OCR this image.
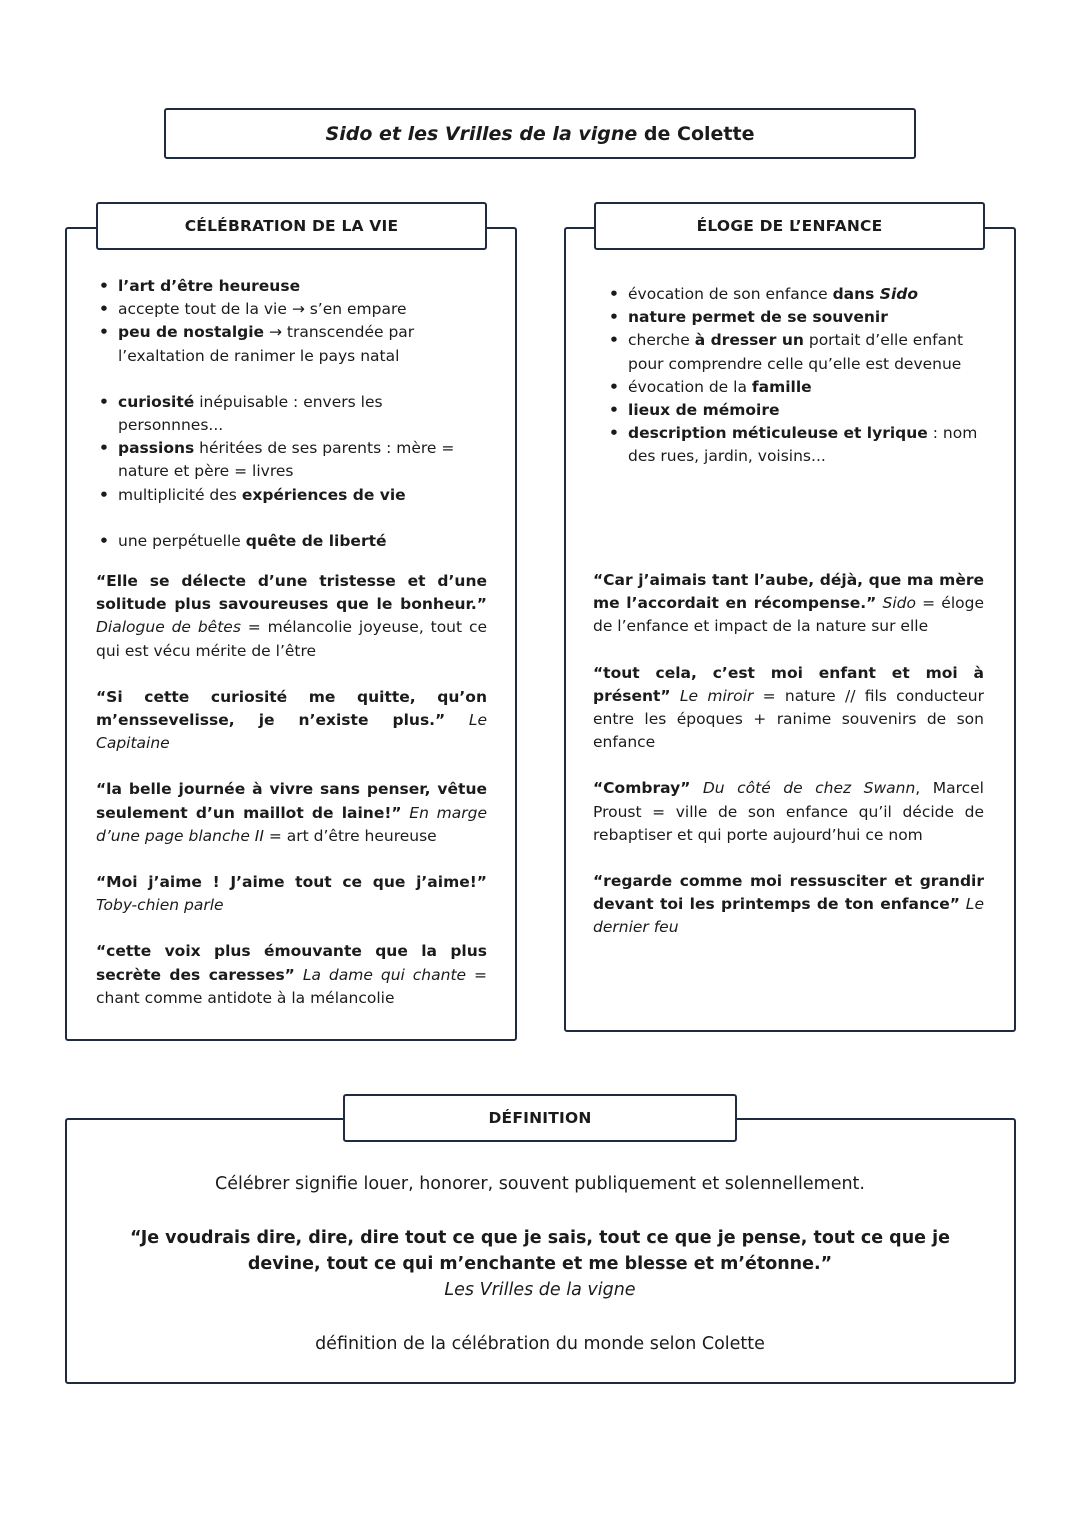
Sido et les Vrilles de la vigne de Colette
CÉLÉBRATION DE LA VIE
• l’art d’être heureuse
• accepte tout de la vie → s’en empare
• peu de nostalgie → transcendée par l’exaltation de ranimer le pays natal
• curiosité inépuisable : envers les personnnes...
• passions héritées de ses parents : mère = nature et père = livres
• multiplicité des expériences de vie
• une perpétuelle quête de liberté

“Elle se délecte d’une tristesse et d’une solitude plus savoureuses que le bonheur.” Dialogue de bêtes = mélancolie joyeuse, tout ce qui est vécu mérite de l’être

“Si cette curiosité me quitte, qu’on m’enssevelisse, je n’existe plus.” Le Capitaine

“la belle journée à vivre sans penser, vêtue seulement d’un maillot de laine!” En marge d’une page blanche II = art d’être heureuse

“Moi j’aime ! J’aime tout ce que j’aime!” Toby-chien parle

“cette voix plus émouvante que la plus secrète des caresses” La dame qui chante = chant comme antidote à la mélancolie

ÉLOGE DE L’ENFANCE
• évocation de son enfance dans Sido
• nature permet de se souvenir
• cherche à dresser un portait d’elle enfant pour comprendre celle qu’elle est devenue
• évocation de la famille
• lieux de mémoire
• description méticuleuse et lyrique : nom des rues, jardin, voisins...

“Car j’aimais tant l’aube, déjà, que ma mère me l’accordait en récompense.” Sido = éloge de l’enfance et impact de la nature sur elle

“tout cela, c’est moi enfant et moi à présent” Le miroir = nature // fils conducteur entre les époques + ranime souvenirs de son enfance

“Combray” Du côté de chez Swann, Marcel Proust = ville de son enfance qu’il décide de rebaptiser et qui porte aujourd’hui ce nom

“regarde comme moi ressusciter et grandir devant toi les printemps de ton enfance” Le dernier feu

DÉFINITION
Célébrer signifie louer, honorer, souvent publiquement et solennellement.
“Je voudrais dire, dire, dire tout ce que je sais, tout ce que je pense, tout ce que je
devine, tout ce qui m’enchante et me blesse et m’étonne.”
Les Vrilles de la vigne
définition de la célébration du monde selon Colette
